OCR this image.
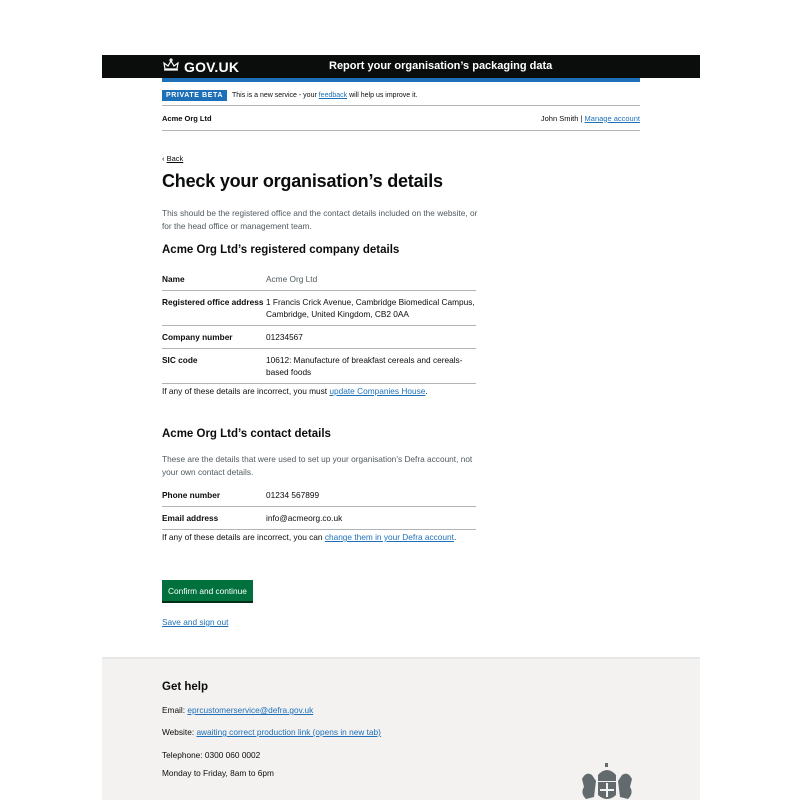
GOV.UK	Report your organisation’s packaging data
PRIVATE BETA	This is a new service - your feedback will help us improve it.
Acme Org Ltd	John Smith | Manage account
‹ Back
Check your organisation’s details

This should be the registered office and the contact details included on the website, or for the head office or management team.

Acme Org Ltd’s registered company details
Name	Acme Org Ltd
Registered office address 1 Francis Crick Avenue, Cambridge Biomedical Campus, Cambridge, United Kingdom, CB2 0AA
Company number	01234567
SIC code	10612: Manufacture of breakfast cereals and cereals-based foods

If any of these details are incorrect, you must update Companies House.

Acme Org Ltd’s contact details

These are the details that were used to set up your organisation’s Defra account, not your own contact details.

Phone number	01234 567899
Email address	info@acmeorg.co.uk

If any of these details are incorrect, you can change them in your Defra account.

Confirm and continue
Save and sign out
Get help

Email: eprcustomerservice@defra.gov.uk

Website: awaiting correct production link (opens in new tab)

Telephone: 0300 060 0002

Monday to Friday, 8am to 6pm
